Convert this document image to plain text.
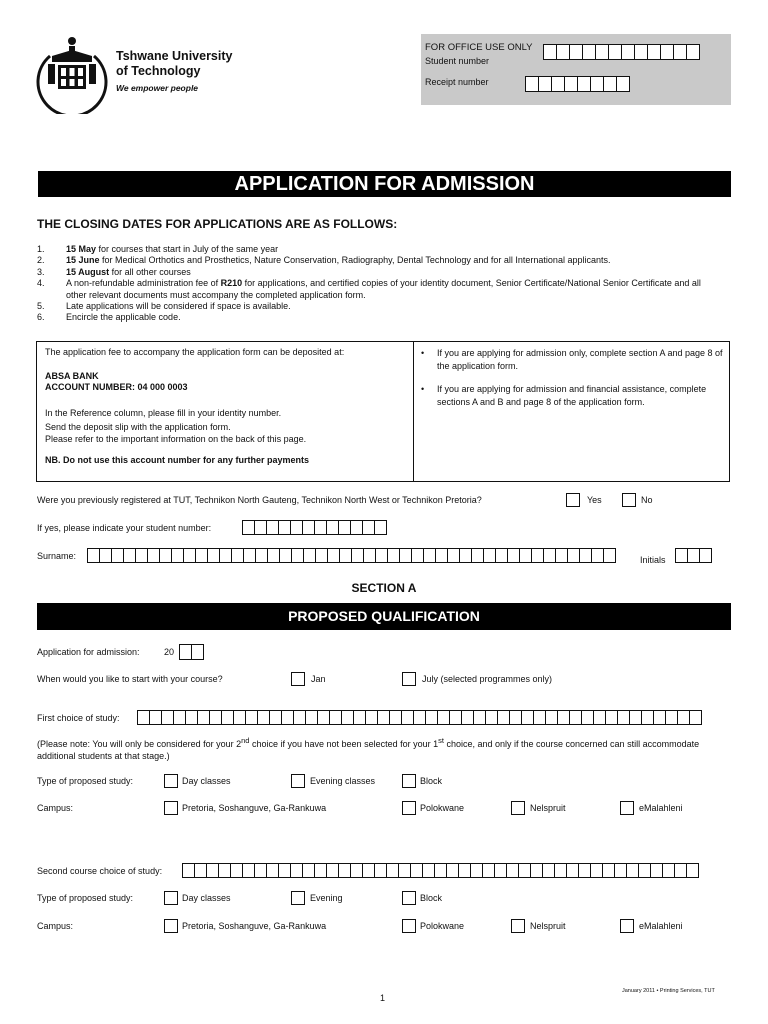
Tshwane University
of Technology
We empower people
FOR OFFICE USE ONLY
Student number
Receipt number
APPLICATION FOR ADMISSION
THE CLOSING DATES FOR APPLICATIONS ARE AS FOLLOWS:
1.	15 May for courses that start in July of the same year
2.	15 June for Medical Orthotics and Prosthetics, Nature Conservation, Radiography, Dental Technology and for all International applicants.
3.	15 August for all other courses
4.	A non-refundable administration fee of R210 for applications, and certified copies of your identity document, Senior Certificate/National Senior Certificate and all other relevant documents must accompany the completed application form.
5.	Late applications will be considered if space is available.
6.	Encircle the applicable code.
The application fee to accompany the application form can be deposited at:
ABSA BANK
ACCOUNT NUMBER: 04 000 0003
In the Reference column, please fill in your identity number.
Send the deposit slip with the application form.
Please refer to the important information on the back of this page.
NB. Do not use this account number for any further payments
•	If you are applying for admission only, complete section A and page 8 of the application form.
•	If you are applying for admission and financial assistance, complete sections A and B and page 8 of the application form.
Were you previously registered at TUT, Technikon North Gauteng, Technikon North West or Technikon Pretoria?	Yes	No
If yes, please indicate your student number:
Surname:	Initials
SECTION A
PROPOSED QUALIFICATION
Application for admission:	20
When would you like to start with your course?	Jan	July (selected programmes only)
First choice of study:
(Please note: You will only be considered for your 2nd choice if you have not been selected for your 1st choice, and only if the course concerned can still accommodate additional students at that stage.)
Type of proposed study:	Day classes	Evening classes	Block
Campus:	Pretoria, Soshanguve, Ga-Rankuwa	Polokwane	Nelspruit	eMalahleni
Second course choice of study:
Type of proposed study:	Day classes	Evening	Block
Campus:	Pretoria, Soshanguve, Ga-Rankuwa	Polokwane	Nelspruit	eMalahleni
January 2011 • Printing Services, TUT
1
